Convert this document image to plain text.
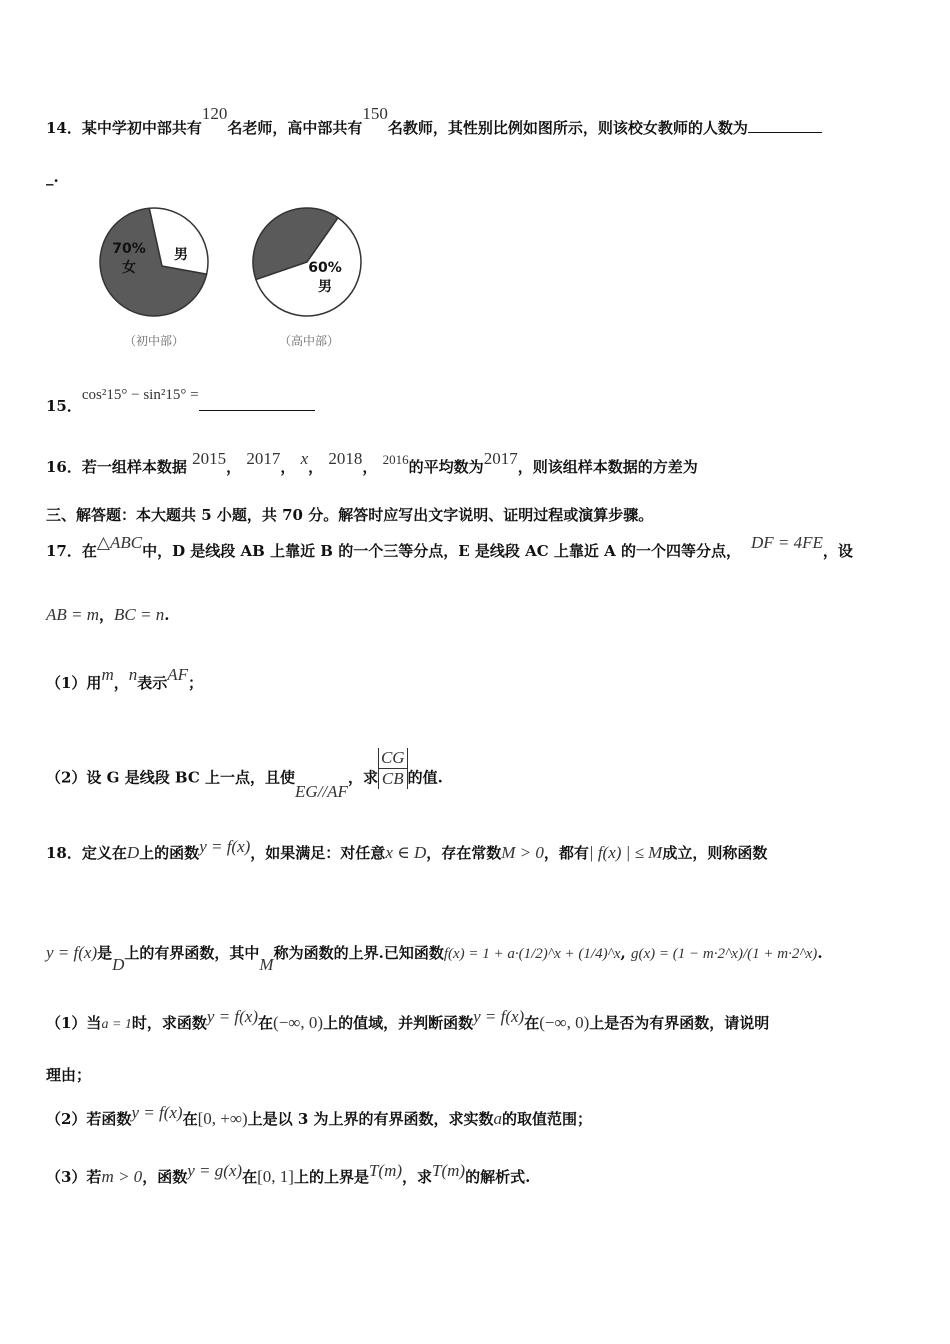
14．某中学初中部共有120名老师，高中部共有150名教师，其性别比例如图所示，则该校女教师的人数为
_.
70%
女
男
（初中部）
60%
男
（高中部）
15．cos²15° − sin²15° =
16．若一组样本数据 2015， 2017， x， 2018， 2016的平均数为2017，则该组样本数据的方差为
三、解答题：本大题共 5 小题，共 70 分。解答时应写出文字说明、证明过程或演算步骤。
17．在△ABC中，D 是线段 AB 上靠近 B 的一个三等分点，E 是线段 AC 上靠近 A 的一个四等分点， DF = 4FE，设
AB = m，BC = n.
（1）用m，n表示AF；
（2）设 G 是线段 BC 上一点，且使EG//AF，求 $\frac{CG}{CB}$ 的值.
18．定义在D上的函数y = f(x)，如果满足：对任意x ∈ D，存在常数M > 0，都有| f(x) | ≤ M成立，则称函数
y = f(x)是D上的有界函数，其中M称为函数的上界.已知函数f(x) = 1 + a·(1/2)^x + (1/4)^x, g(x) = (1 − m·2^x)/(1 + m·2^x).
（1）当a = 1时，求函数y = f(x)在(−∞, 0)上的值域，并判断函数y = f(x)在(−∞, 0)上是否为有界函数，请说明
理由；
（2）若函数y = f(x)在[0, +∞)上是以 3 为上界的有界函数，求实数a的取值范围；
（3）若m > 0，函数y = g(x)在[0, 1]上的上界是T(m)，求T(m)的解析式.
